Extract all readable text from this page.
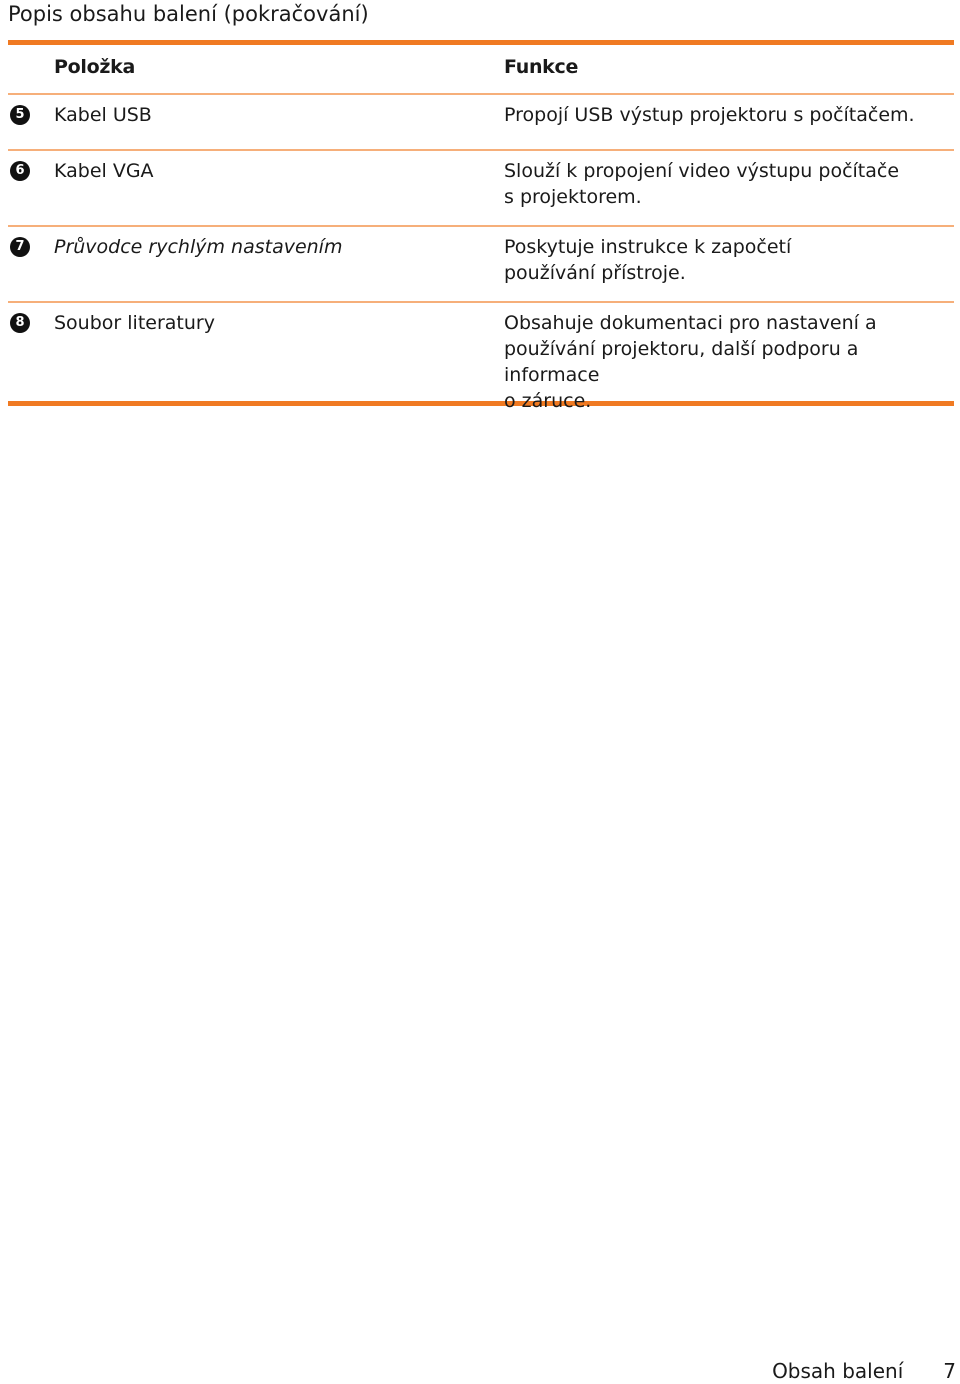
Popis obsahu balení (pokračování)
Položka	Funkce
5 Kabel USB	Propojí USB výstup projektoru s počítačem.
6 Kabel VGA	Slouží k propojení video výstupu počítače
s projektorem.
7 Průvodce rychlým nastavením	Poskytuje instrukce k započetí
používání přístroje.
8 Soubor literatury	Obsahuje dokumentaci pro nastavení a
používání projektoru, další podporu a informace
o záruce.
Obsah balení 7
